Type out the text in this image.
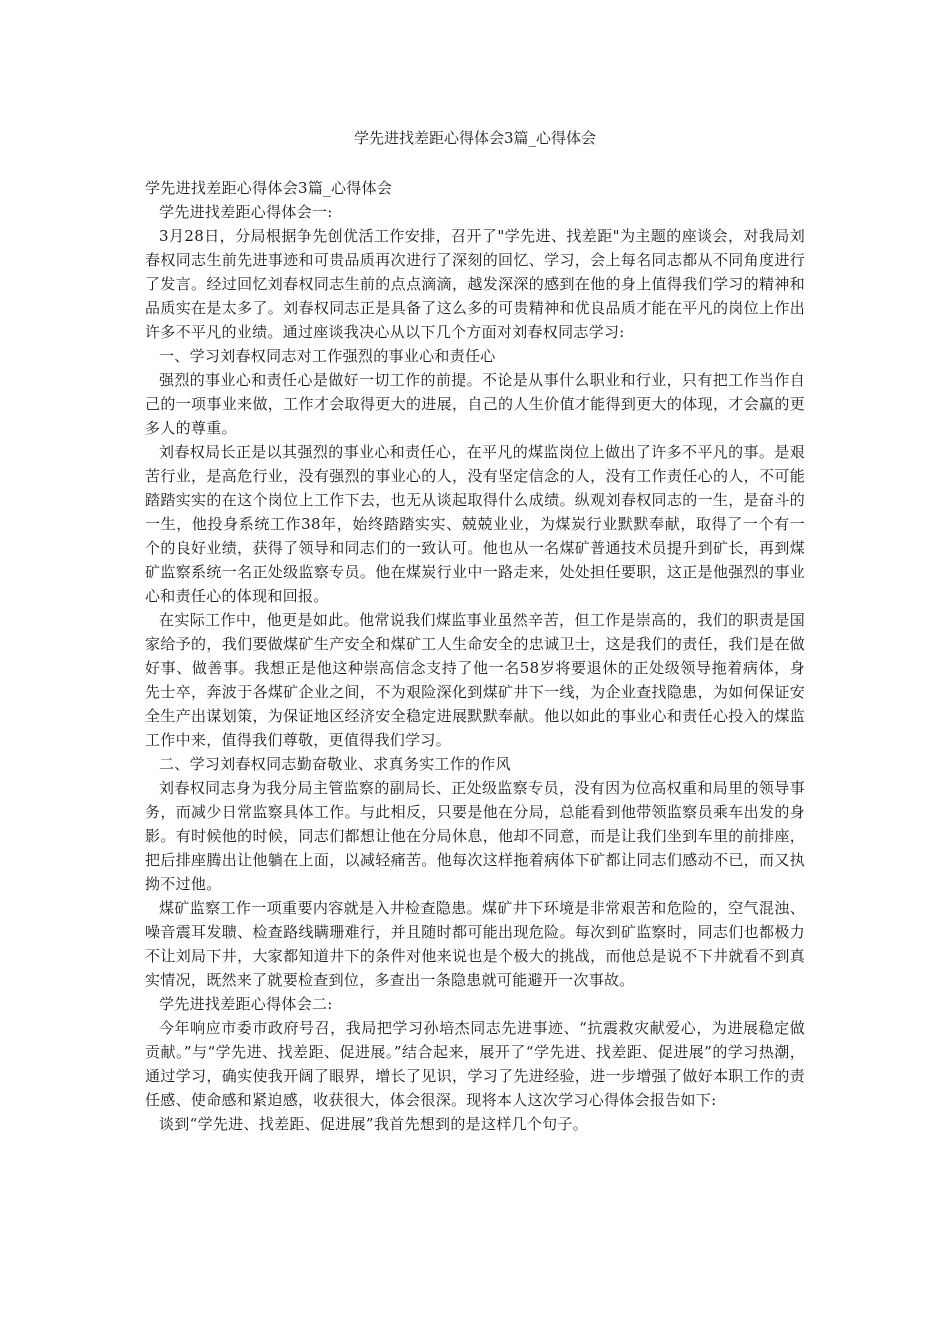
学先进找差距心得体会3篇_心得体会

学先进找差距心得体会3篇_心得体会

学先进找差距心得体会一:

3月28日，分局根据争先创优活工作安排，召开了"学先进、找差距"为主题的座谈会，对我局刘春权同志生前先进事迹和可贵品质再次进行了深刻的回忆、学习，会上每名同志都从不同角度进行了发言。经过回忆刘春权同志生前的点点滴滴，越发深深的感到在他的身上值得我们学习的精神和品质实在是太多了。刘春权同志正是具备了这么多的可贵精神和优良品质才能在平凡的岗位上作出许多不平凡的业绩。通过座谈我决心从以下几个方面对刘春权同志学习:

一、学习刘春权同志对工作强烈的事业心和责任心

强烈的事业心和责任心是做好一切工作的前提。不论是从事什么职业和行业，只有把工作当作自己的一项事业来做，工作才会取得更大的进展，自己的人生价值才能得到更大的体现，才会赢的更多人的尊重。

刘春权局长正是以其强烈的事业心和责任心，在平凡的煤监岗位上做出了许多不平凡的事。是艰苦行业，是高危行业，没有强烈的事业心的人，没有坚定信念的人，没有工作责任心的人，不可能踏踏实实的在这个岗位上工作下去，也无从谈起取得什么成绩。纵观刘春权同志的一生，是奋斗的一生，他投身系统工作38年，始终踏踏实实、兢兢业业，为煤炭行业默默奉献，取得了一个有一个的良好业绩，获得了领导和同志们的一致认可。他也从一名煤矿普通技术员提升到矿长，再到煤矿监察系统一名正处级监察专员。他在煤炭行业中一路走来，处处担任要职，这正是他强烈的事业心和责任心的体现和回报。

在实际工作中，他更是如此。他常说我们煤监事业虽然辛苦，但工作是崇高的，我们的职责是国家给予的，我们要做煤矿生产安全和煤矿工人生命安全的忠诚卫士，这是我们的责任，我们是在做好事、做善事。我想正是他这种崇高信念支持了他一名58岁将要退休的正处级领导拖着病体，身先士卒，奔波于各煤矿企业之间，不为艰险深化到煤矿井下一线，为企业查找隐患，为如何保证安全生产出谋划策，为保证地区经济安全稳定进展默默奉献。他以如此的事业心和责任心投入的煤监工作中来，值得我们尊敬，更值得我们学习。

二、学习刘春权同志勤奋敬业、求真务实工作的作风

刘春权同志身为我分局主管监察的副局长、正处级监察专员，没有因为位高权重和局里的领导事务，而减少日常监察具体工作。与此相反，只要是他在分局，总能看到他带领监察员乘车出发的身影。有时候他的时候，同志们都想让他在分局休息，他却不同意，而是让我们坐到车里的前排座，把后排座腾出让他躺在上面，以减轻痛苦。他每次这样拖着病体下矿都让同志们感动不已，而又执拗不过他。

煤矿监察工作一项重要内容就是入井检查隐患。煤矿井下环境是非常艰苦和危险的，空气混浊、噪音震耳发聩、检查路线瞒珊难行，并且随时都可能出现危险。每次到矿监察时，同志们也都极力不让刘局下井，大家都知道井下的条件对他来说也是个极大的挑战，而他总是说不下井就看不到真实情况，既然来了就要检查到位，多查出一条隐患就可能避开一次事故。

学先进找差距心得体会二:

今年响应市委市政府号召，我局把学习孙培杰同志先进事迹、“抗震救灾献爱心，为进展稳定做贡献。”与“学先进、找差距、促进展。”结合起来，展开了“学先进、找差距、促进展”的学习热潮，通过学习，确实使我开阔了眼界，增长了见识，学习了先进经验，进一步增强了做好本职工作的责任感、使命感和紧迫感，收获很大，体会很深。现将本人这次学习心得体会报告如下:

谈到“学先进、找差距、促进展”我首先想到的是这样几个句子。
